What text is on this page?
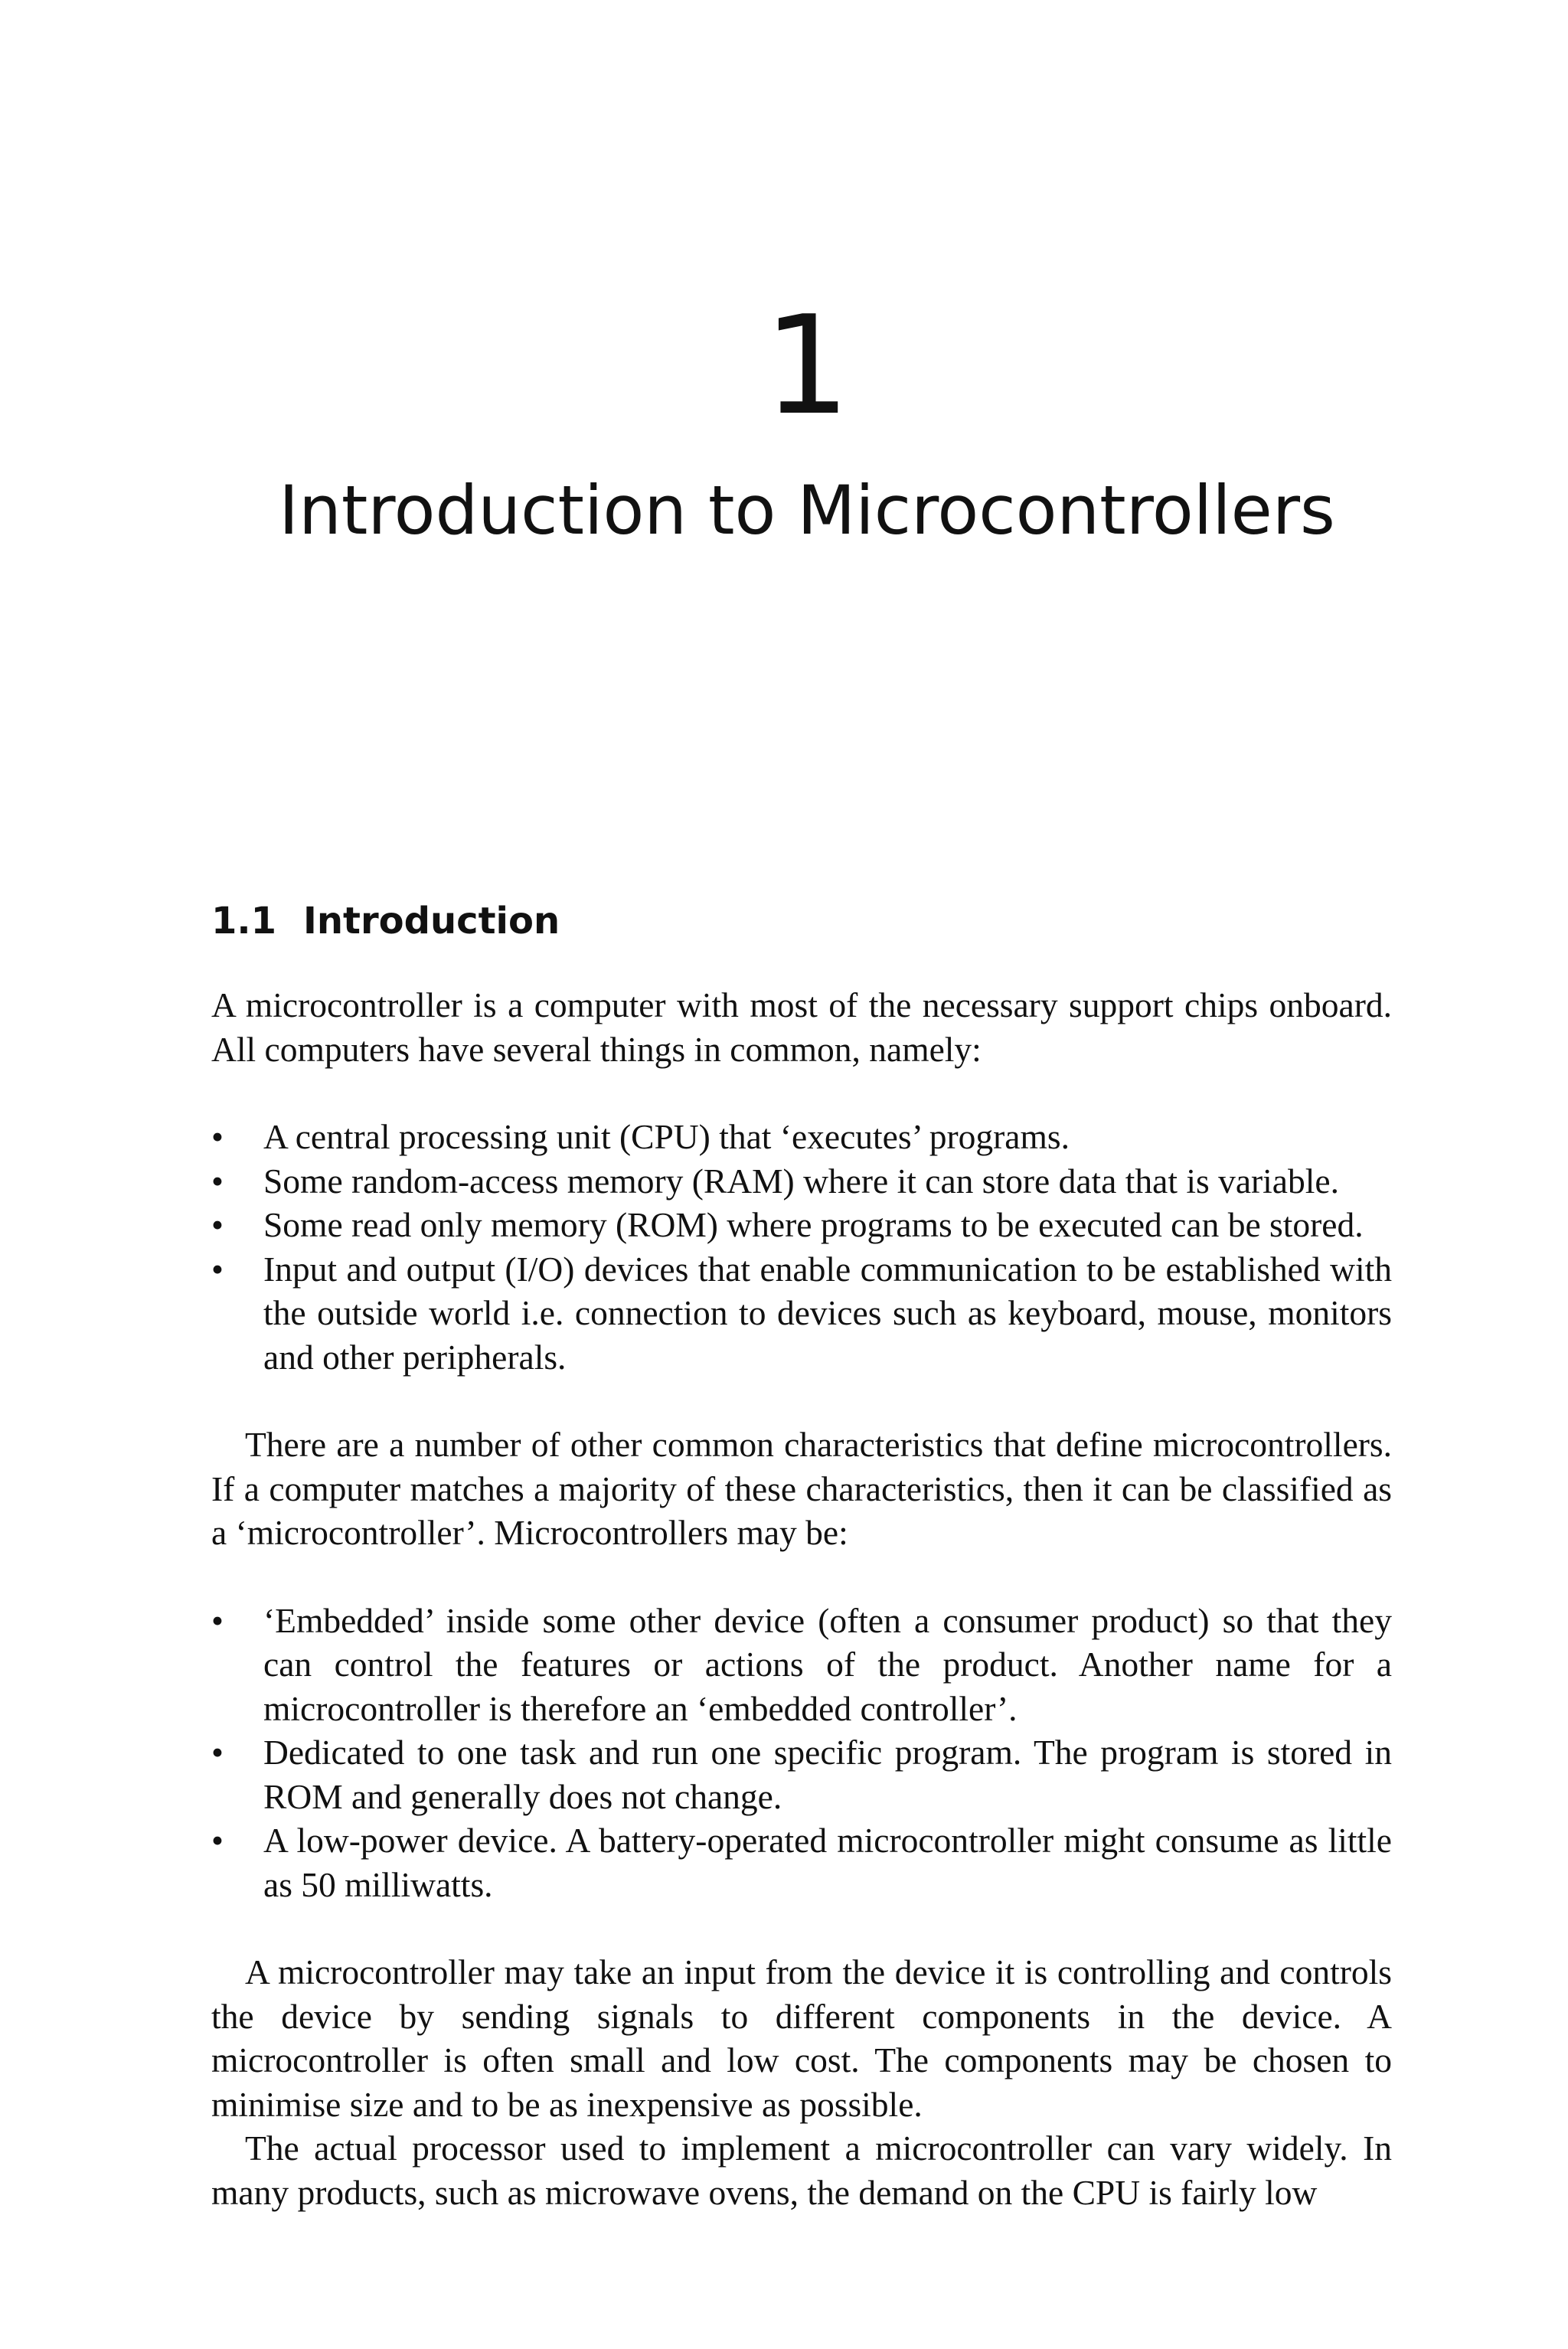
1
Introduction to Microcontrollers
1.1 Introduction

A microcontroller is a computer with most of the necessary support chips onboard. All computers have several things in common, namely:

•	A central processing unit (CPU) that ‘executes’ programs.
•	Some random-access memory (RAM) where it can store data that is variable.
•	Some read only memory (ROM) where programs to be executed can be stored.
•	Input and output (I/O) devices that enable communication to be established with the outside world i.e. connection to devices such as keyboard, mouse, monitors and other peripherals.

There are a number of other common characteristics that define microcontrollers. If a computer matches a majority of these characteristics, then it can be classified as a ‘microcontroller’. Microcontrollers may be:

•	‘Embedded’ inside some other device (often a consumer product) so that they can control the features or actions of the product. Another name for a microcontroller is therefore an ‘embedded controller’.
•	Dedicated to one task and run one specific program. The program is stored in ROM and generally does not change.
•	A low-power device. A battery-operated microcontroller might consume as little as 50 milliwatts.

A microcontroller may take an input from the device it is controlling and controls the device by sending signals to different components in the device. A microcontroller is often small and low cost. The components may be chosen to minimise size and to be as inexpensive as possible.

The actual processor used to implement a microcontroller can vary widely. In many products, such as microwave ovens, the demand on the CPU is fairly low
